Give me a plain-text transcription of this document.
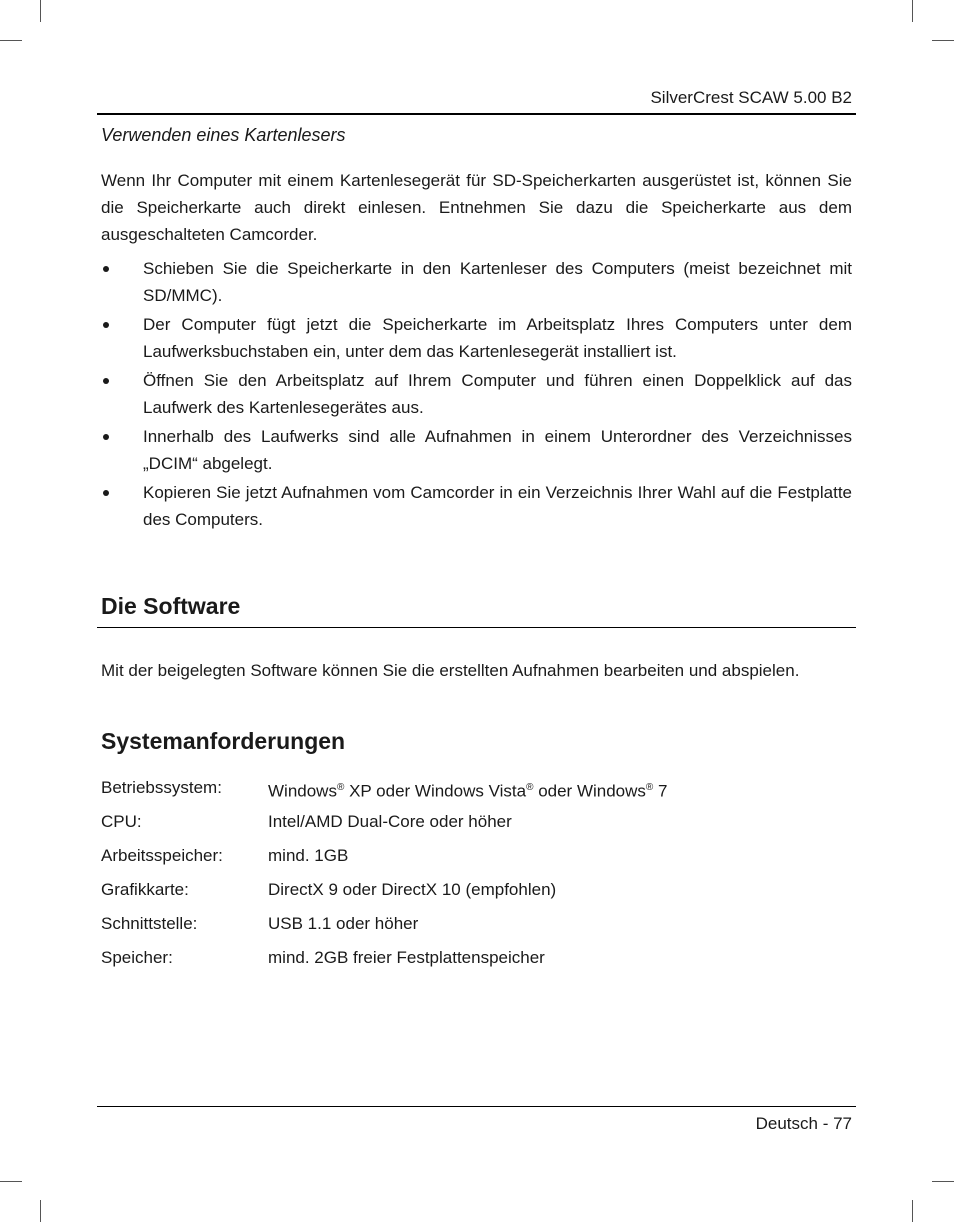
SilverCrest SCAW 5.00 B2
Verwenden eines Kartenlesers

Wenn Ihr Computer mit einem Kartenlesegerät für SD-Speicherkarten ausgerüstet ist, können Sie die Speicherkarte auch direkt einlesen. Entnehmen Sie dazu die Speicherkarte aus dem ausgeschalteten Camcorder.

Schieben Sie die Speicherkarte in den Kartenleser des Computers (meist bezeichnet mit SD/MMC).
Der Computer fügt jetzt die Speicherkarte im Arbeitsplatz Ihres Computers unter dem Laufwerksbuchstaben ein, unter dem das Kartenlesegerät installiert ist.
Öffnen Sie den Arbeitsplatz auf Ihrem Computer und führen einen Doppelklick auf das Laufwerk des Kartenlesegerätes aus.
Innerhalb des Laufwerks sind alle Aufnahmen in einem Unterordner des Verzeichnisses „DCIM“ abgelegt.
Kopieren Sie jetzt Aufnahmen vom Camcorder in ein Verzeichnis Ihrer Wahl auf die Festplatte des Computers.
Die Software

Mit der beigelegten Software können Sie die erstellten Aufnahmen bearbeiten und abspielen.

Systemanforderungen
Betriebssystem:	Windows® XP oder Windows Vista® oder Windows® 7
CPU:	Intel/AMD Dual-Core oder höher
Arbeitsspeicher:	mind. 1GB
Grafikkarte:	DirectX 9 oder DirectX 10 (empfohlen)
Schnittstelle:	USB 1.1 oder höher
Speicher:	mind. 2GB freier Festplattenspeicher
Deutsch - 77
